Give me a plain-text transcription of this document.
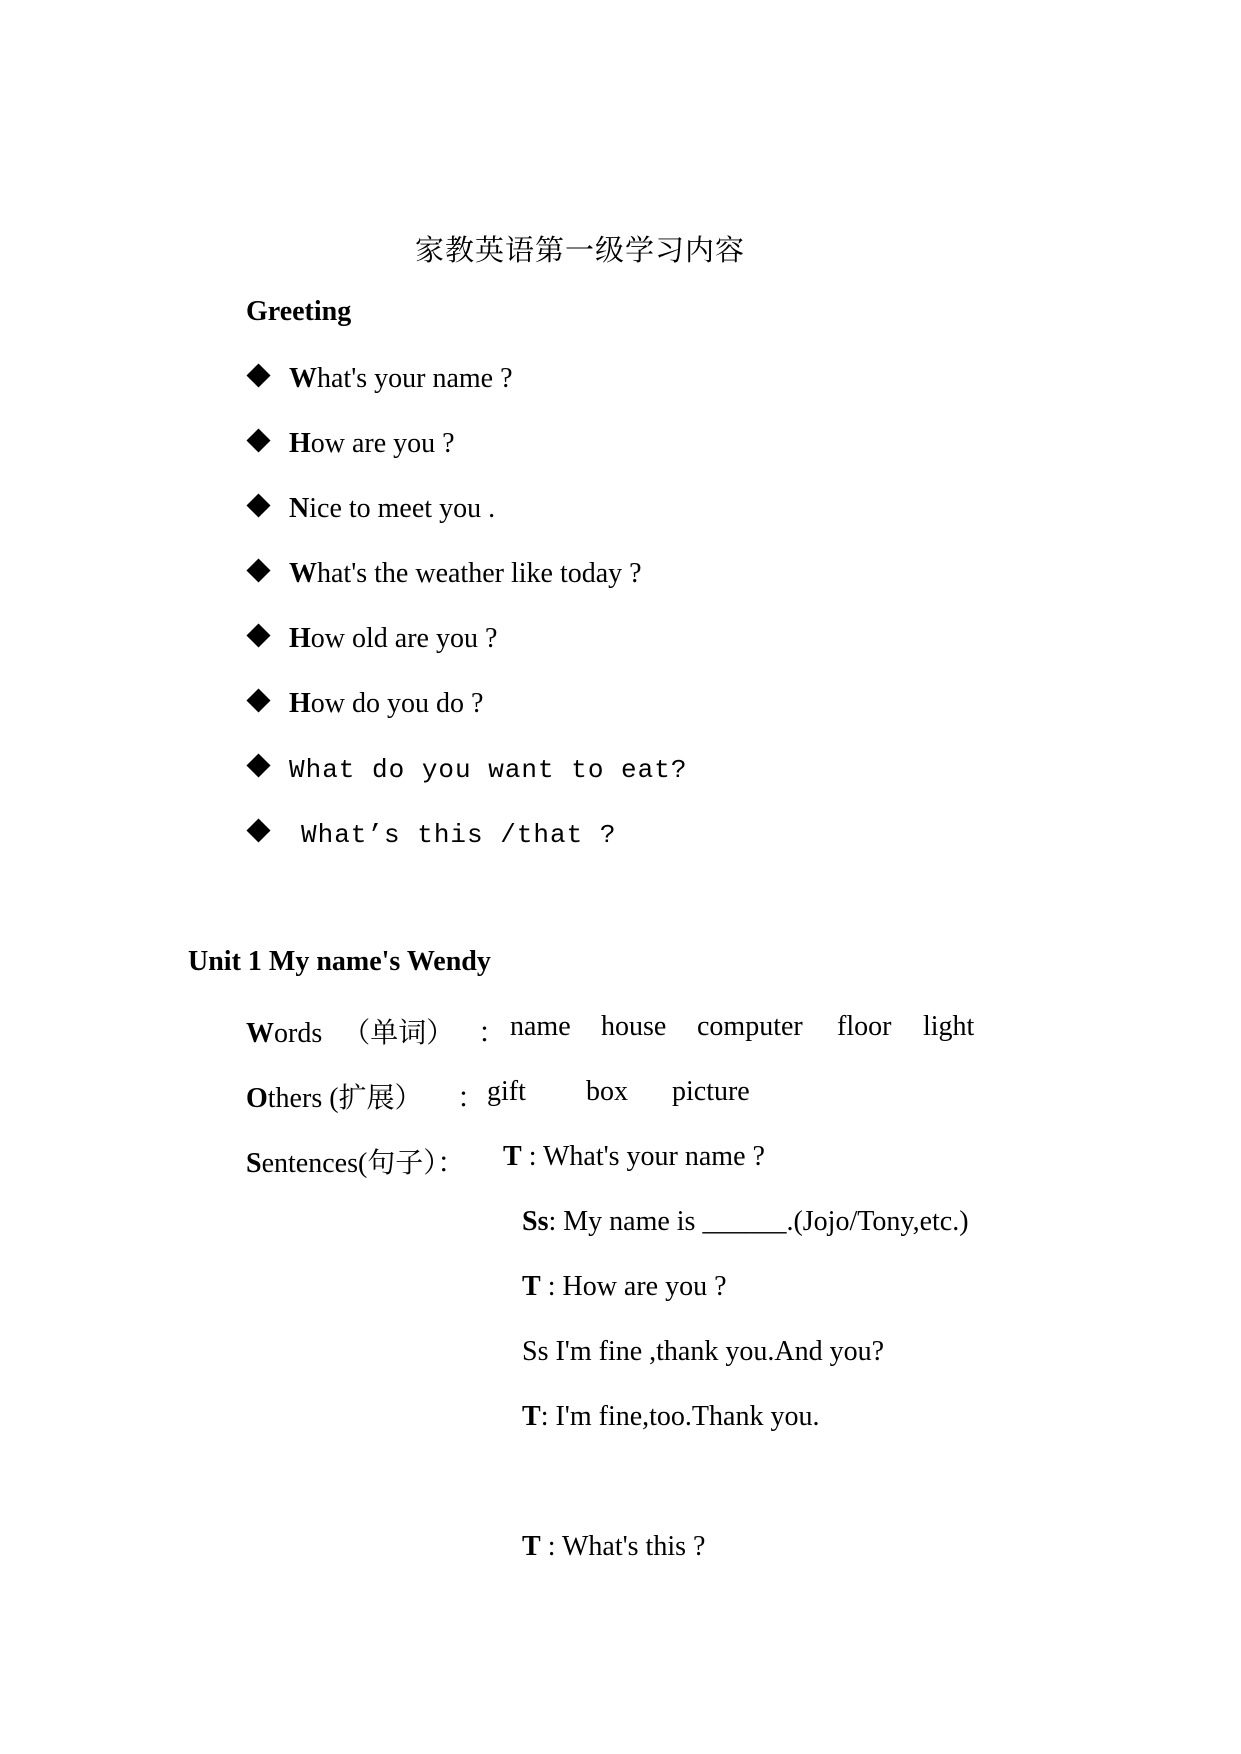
家教英语第一级学习内容
Greeting
What's your name ?
How are you ?
Nice to meet you .
What's the weather like today ?
How old are you ?
How do you do ?
What do you want to eat?
What’s this /that ?
Unit 1 My name's Wendy
Words （单词） ： name house computer floor light
Others (扩展） ： gift box picture
Sentences(句子）： T : What's your name ?
Ss: My name is ______.(Jojo/Tony,etc.)
T : How are you ?
Ss I'm fine ,thank you.And you?
T: I'm fine,too.Thank you.
T : What's this ?
